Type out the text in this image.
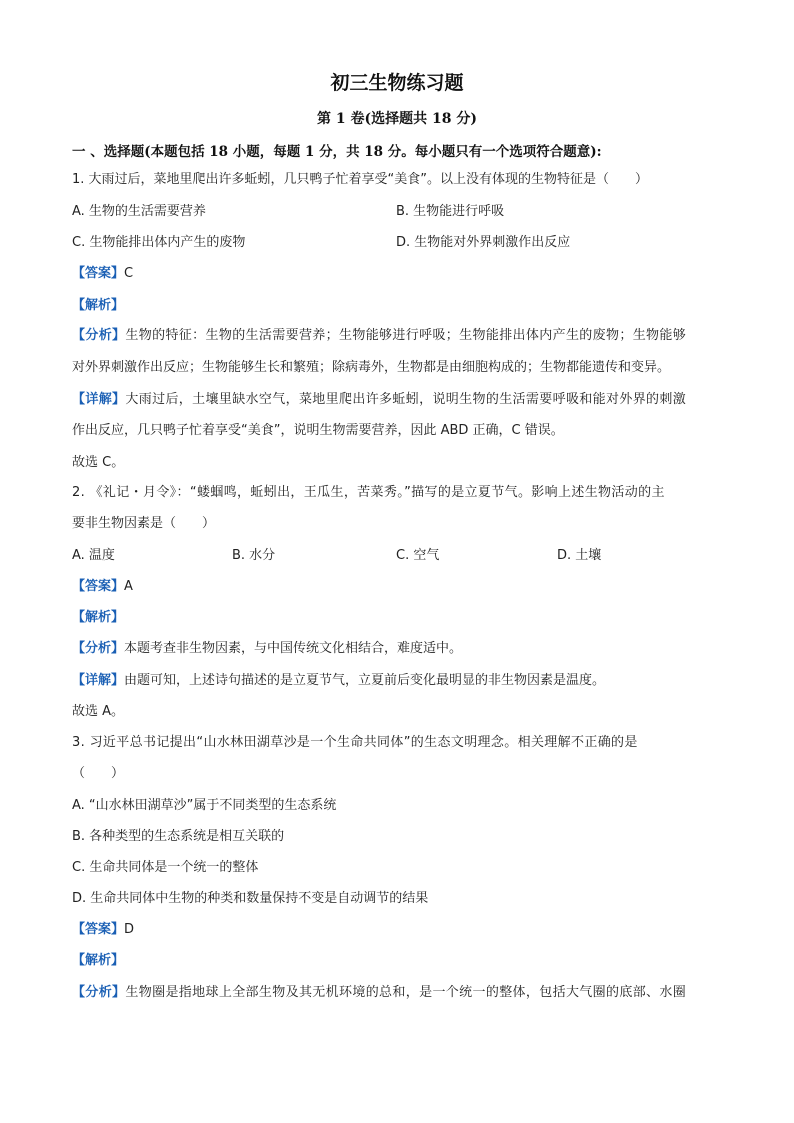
初三生物练习题
第 1 卷(选择题共 18 分)
一 、选择题(本题包括 18 小题，每题 1 分，共 18 分。每小题只有一个选项符合题意):
1. 大雨过后，菜地里爬出许多蚯蚓，几只鸭子忙着享受“美食”。以上没有体现的生物特征是（　　）
A. 生物的生活需要营养	B. 生物能进行呼吸
C. 生物能排出体内产生的废物	D. 生物能对外界刺激作出反应
【答案】C
【解析】
【分析】生物的特征：生物的生活需要营养；生物能够进行呼吸；生物能排出体内产生的废物；生物能够
对外界刺激作出反应；生物能够生长和繁殖；除病毒外，生物都是由细胞构成的；生物都能遗传和变异。
【详解】大雨过后，土壤里缺水空气，菜地里爬出许多蚯蚓，说明生物的生活需要呼吸和能对外界的刺激
作出反应，几只鸭子忙着享受“美食”，说明生物需要营养，因此 ABD 正确，C 错误。
故选 C。
2. 《礼记・月令》：“蝼蝈鸣，蚯蚓出，王瓜生，苦菜秀。”描写的是立夏节气。影响上述生物活动的主
要非生物因素是（　　）
A. 温度	B. 水分	C. 空气	D. 土壤
【答案】A
【解析】
【分析】本题考查非生物因素，与中国传统文化相结合，难度适中。
【详解】由题可知，上述诗句描述的是立夏节气，立夏前后变化最明显的非生物因素是温度。
故选 A。
3. 习近平总书记提出“山水林田湖草沙是一个生命共同体”的生态文明理念。相关理解不正确的是
（　　）
A. “山水林田湖草沙”属于不同类型的生态系统
B. 各种类型的生态系统是相互关联的
C. 生命共同体是一个统一的整体
D. 生命共同体中生物的种类和数量保持不变是自动调节的结果
【答案】D
【解析】
【分析】生物圈是指地球上全部生物及其无机环境的总和，是一个统一的整体，包括大气圈的底部、水圈
